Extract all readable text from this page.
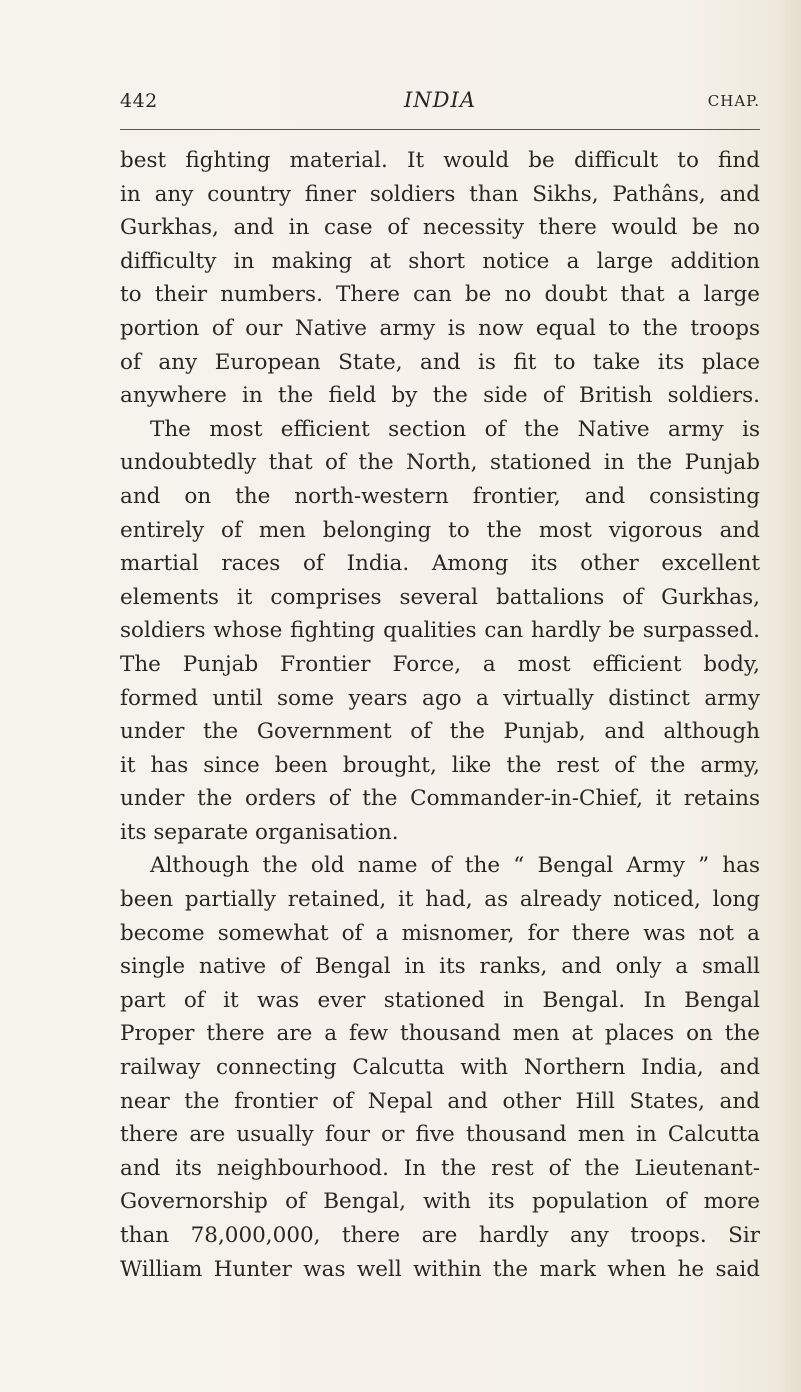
442	INDIA	CHAP.
best fighting material. It would be difficult to find
in any country finer soldiers than Sikhs, Pathâns, and
Gurkhas, and in case of necessity there would be no
difficulty in making at short notice a large addition
to their numbers. There can be no doubt that a large
portion of our Native army is now equal to the troops
of any European State, and is fit to take its place
anywhere in the field by the side of British soldiers.
The most efficient section of the Native army is
undoubtedly that of the North, stationed in the Punjab
and on the north-western frontier, and consisting
entirely of men belonging to the most vigorous and
martial races of India. Among its other excellent
elements it comprises several battalions of Gurkhas,
soldiers whose fighting qualities can hardly be surpassed.
The Punjab Frontier Force, a most efficient body,
formed until some years ago a virtually distinct army
under the Government of the Punjab, and although
it has since been brought, like the rest of the army,
under the orders of the Commander-in-Chief, it retains
its separate organisation.
Although the old name of the “ Bengal Army ” has
been partially retained, it had, as already noticed, long
become somewhat of a misnomer, for there was not a
single native of Bengal in its ranks, and only a small
part of it was ever stationed in Bengal. In Bengal
Proper there are a few thousand men at places on the
railway connecting Calcutta with Northern India, and
near the frontier of Nepal and other Hill States, and
there are usually four or five thousand men in Calcutta
and its neighbourhood. In the rest of the Lieutenant-
Governorship of Bengal, with its population of more
than 78,000,000, there are hardly any troops. Sir
William Hunter was well within the mark when he said
